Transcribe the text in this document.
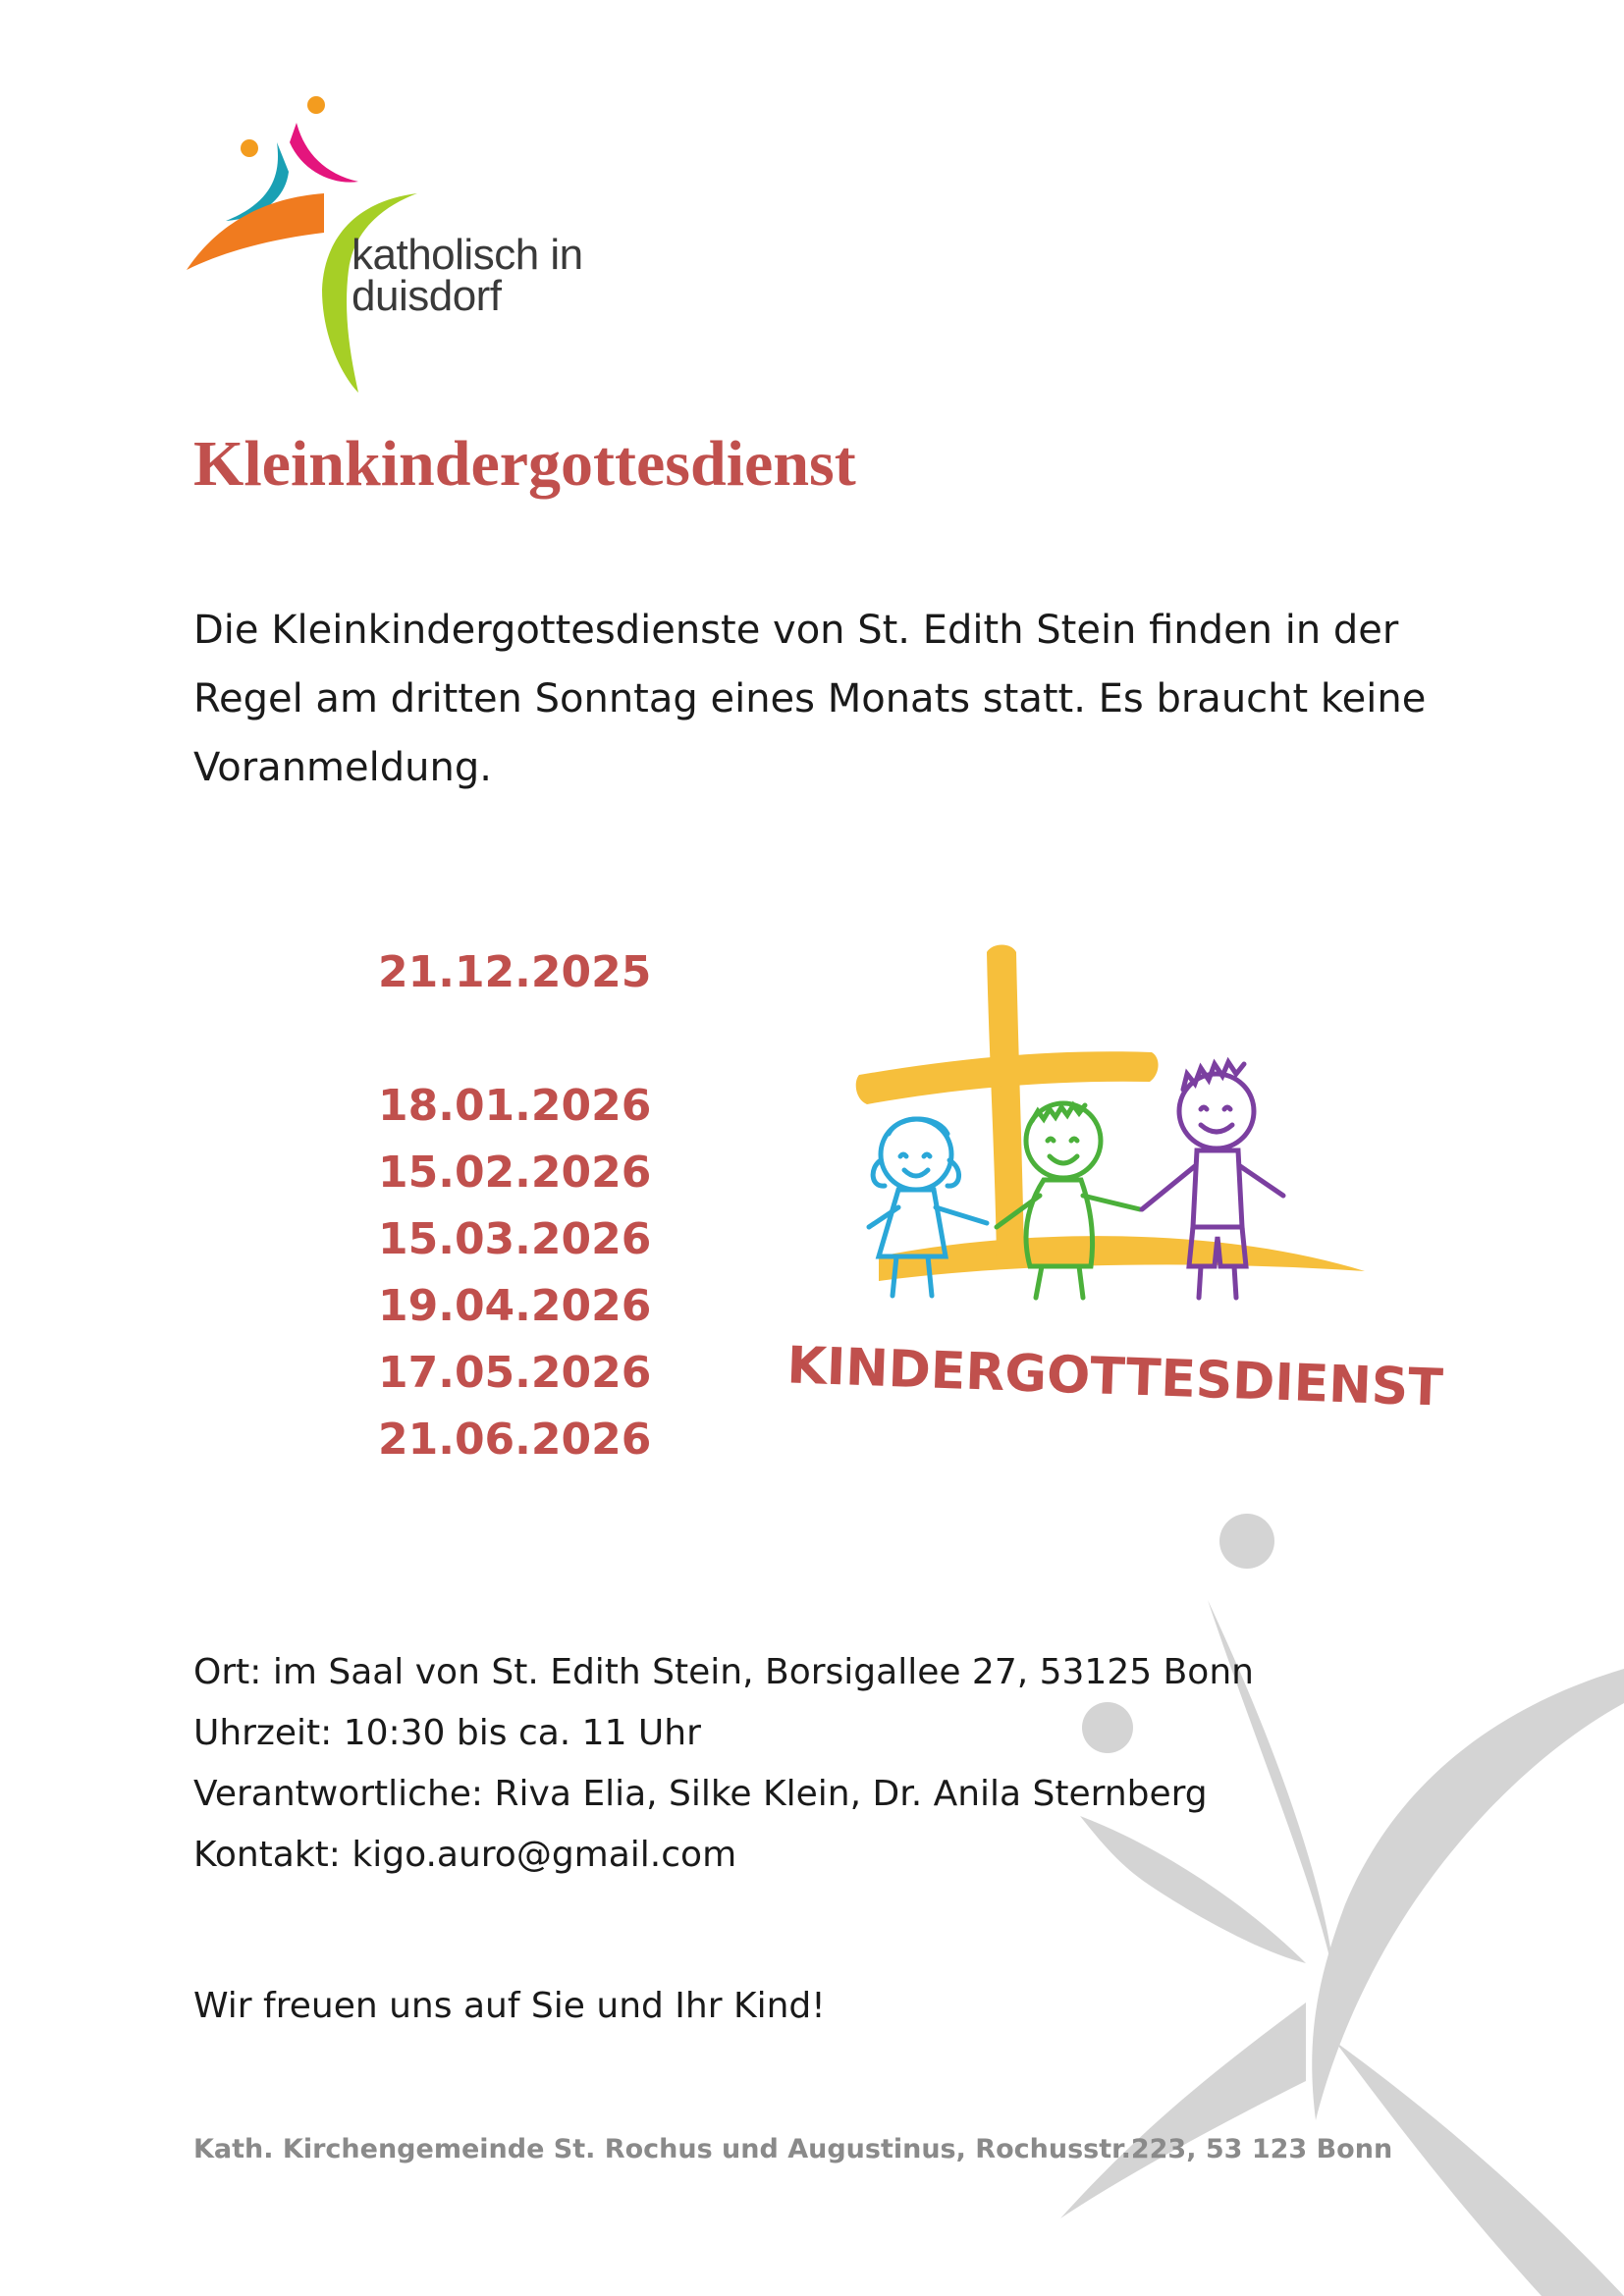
katholisch in
duisdorf
Kleinkindergottesdienst

Die Kleinkindergottesdienste von St. Edith Stein finden in der Regel am dritten Sonntag eines Monats statt. Es braucht keine Voranmeldung.

21.12.2025
18.01.2026
15.02.2026
15.03.2026
19.04.2026
17.05.2026
21.06.2026
KINDERGOTTESDIENST
Ort: im Saal von St. Edith Stein, Borsigallee 27, 53125 Bonn
Uhrzeit: 10:30 bis ca. 11 Uhr
Verantwortliche: Riva Elia, Silke Klein, Dr. Anila Sternberg
Kontakt: kigo.auro@gmail.com
Wir freuen uns auf Sie und Ihr Kind!
Kath. Kirchengemeinde St. Rochus und Augustinus, Rochusstr.223, 53 123 Bonn
